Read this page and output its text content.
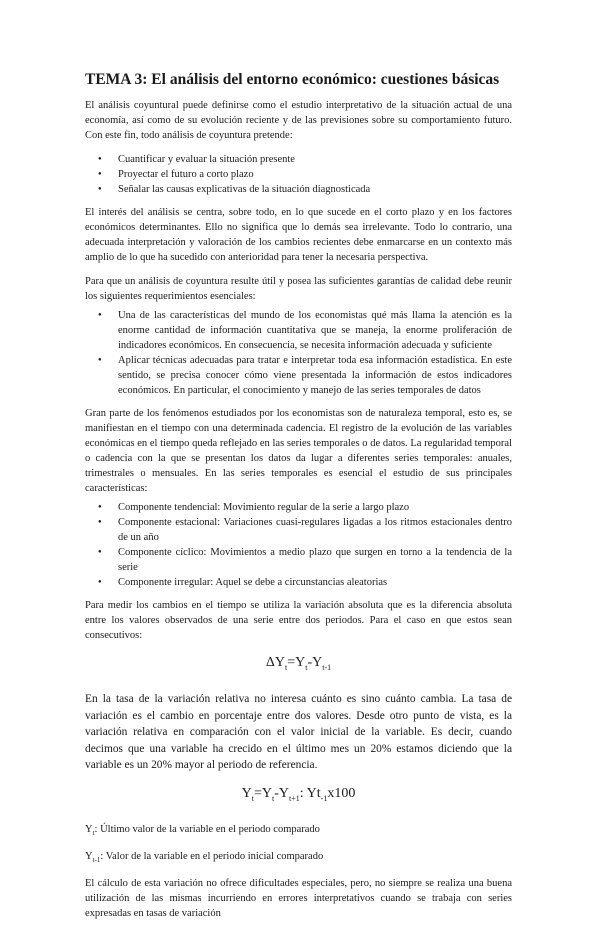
TEMA 3: El análisis del entorno económico: cuestiones básicas

El análisis coyuntural puede definirse como el estudio interpretativo de la situación actual de una economía, así como de su evolución reciente y de las previsiones sobre su comportamiento futuro. Con este fin, todo análisis de coyuntura pretende:

● Cuantificar y evaluar la situación presente
● Proyectar el futuro a corto plazo
● Señalar las causas explicativas de la situación diagnosticada

El interés del análisis se centra, sobre todo, en lo que sucede en el corto plazo y en los factores económicos determinantes. Ello no significa que lo demás sea irrelevante. Todo lo contrario, una adecuada interpretación y valoración de los cambios recientes debe enmarcarse en un contexto más amplio de lo que ha sucedido con anterioridad para tener la necesaria perspectiva.

Para que un análisis de coyuntura resulte útil y posea las suficientes garantías de calidad debe reunir los siguientes requerimientos esenciales:

● Una de las características del mundo de los economistas qué más llama la atención es la enorme cantidad de información cuantitativa que se maneja, la enorme proliferación de indicadores económicos. En consecuencia, se necesita información adecuada y suficiente
● Aplicar técnicas adecuadas para tratar e interpretar toda esa información estadística. En este sentido, se precisa conocer cómo viene presentada la información de estos indicadores económicos. En particular, el conocimiento y manejo de las series temporales de datos

Gran parte de los fenómenos estudiados por los economistas son de naturaleza temporal, esto es, se manifiestan en el tiempo con una determinada cadencia. El registro de la evolución de las variables económicas en el tiempo queda reflejado en las series temporales o de datos. La regularidad temporal o cadencia con la que se presentan los datos da lugar a diferentes series temporales: anuales, trimestrales o mensuales. En las series temporales es esencial el estudio de sus principales características:

● Componente tendencial: Movimiento regular de la serie a largo plazo
● Componente estacional: Variaciones cuasi-regulares ligadas a los ritmos estacionales dentro de un año
● Componente cíclico: Movimientos a medio plazo que surgen en torno a la tendencia de la serie
● Componente irregular: Aquel se debe a circunstancias aleatorias

Para medir los cambios en el tiempo se utiliza la variación absoluta que es la diferencia absoluta entre los valores observados de una serie entre dos periodos. Para el caso en que estos sean consecutivos:

$\Delta Y_t=Y_t-Y_{t-1}$

En la tasa de la variación relativa no interesa cuánto es sino cuánto cambia. La tasa de variación es el cambio en porcentaje entre dos valores. Desde otro punto de vista, es la variación relativa en comparación con el valor inicial de la variable. Es decir, cuando decimos que una variable ha crecido en el último mes un 20% estamos diciendo que la variable es un 20% mayor al periodo de referencia.

$Y_t=Y_t-Y_{t+1}$: $Yt_{-1}x100$
$Y_t$: Último valor de la variable en el periodo comparado
$Y_{t-1}$: Valor de la variable en el periodo inicial comparado

El cálculo de esta variación no ofrece dificultades especiales, pero, no siempre se realiza una buena utilización de las mismas incurriendo en errores interpretativos cuando se trabaja con series expresadas en tasas de variación
